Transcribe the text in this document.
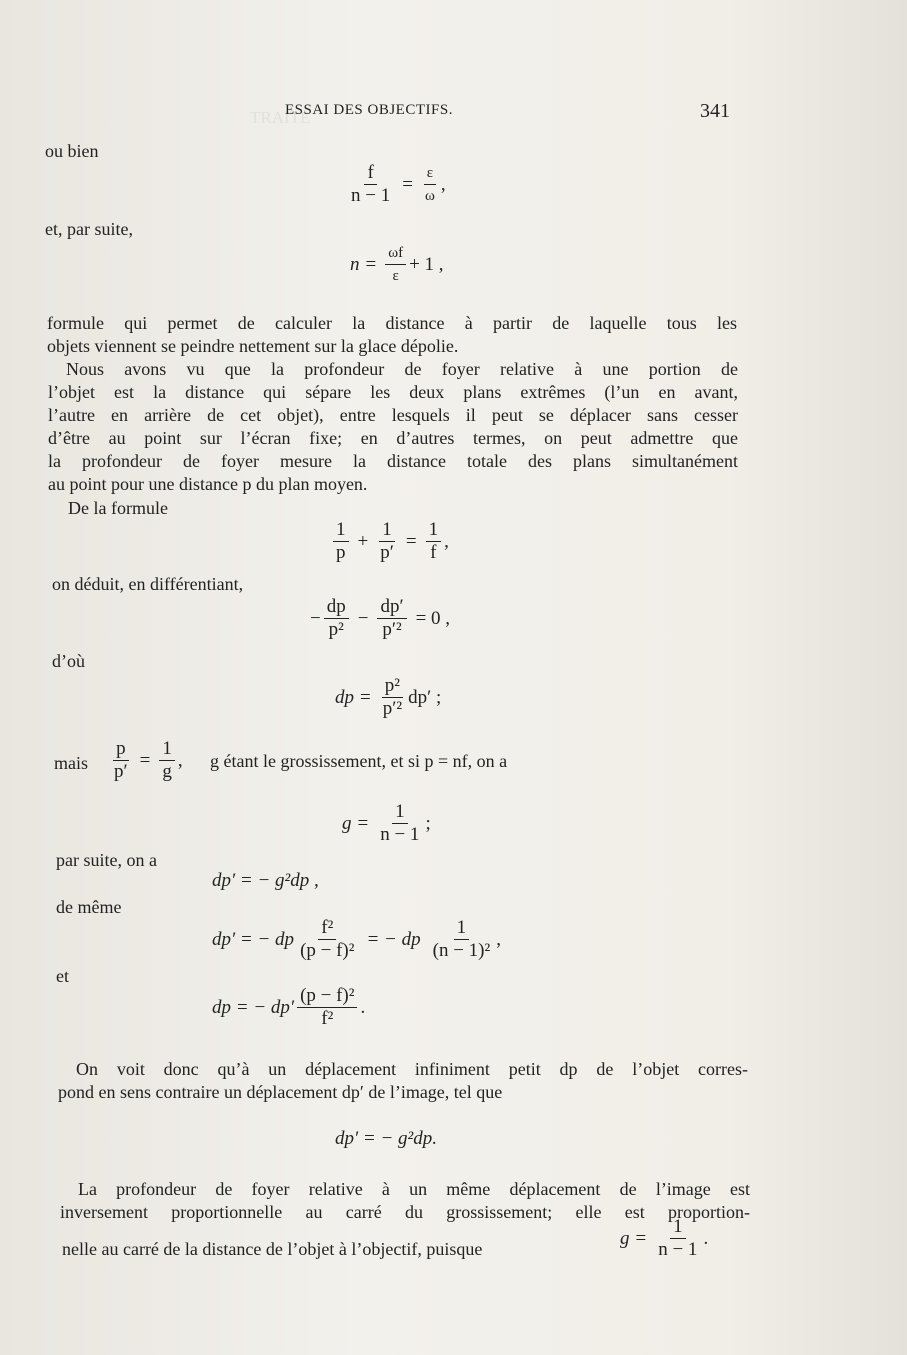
TRAITÉ
ESSAI DES OBJECTIFS.	341
ou bien
$\frac{f}{n - 1} = \frac{\varepsilon}{\omega}$ ,
et, par suite,
$n = \frac{\omega f}{\varepsilon} + 1$ ,
formule qui permet de calculer la distance à partir de laquelle tous les
objets viennent se peindre nettement sur la glace dépolie.
Nous avons vu que la profondeur de foyer relative à une portion de
l’objet est la distance qui sépare les deux plans extrêmes (l’un en avant,
l’autre en arrière de cet objet), entre lesquels il peut se déplacer sans cesser
d’être au point sur l’écran fixe; en d’autres termes, on peut admettre que
la profondeur de foyer mesure la distance totale des plans simultanément
au point pour une distance p du plan moyen.
De la formule
$\frac{1}{p} + \frac{1}{p'} = \frac{1}{f}$ ,
on déduit, en différentiant,
− $\frac{dp}{\text{p²}} - \frac{dp'}{\text{p′²}} = 0$ ,
d’où
dp = $\frac{\text{p²}}{\text{p′²}} dp'$ ;
mais $\frac{p}{p'} = \frac{1}{g}$ , g étant le grossissement, et si p = nf, on a
$g = \frac{1}{n - 1}$ ;
par suite, on a
dp′ = − g²dp ,
de même
dp′ = − dp $\frac{\text{f²}}{\text{(p − f)²}}$ = − dp $\frac{1}{\text{(n − 1)²}}$ ,
et
dp = − $dp' \frac{\text{(p − f)²}}{\text{f²}}$ .
On voit donc qu’à un déplacement infiniment petit dp de l’objet corres-
pond en sens contraire un déplacement dp′ de l’image, tel que
dp′ = − g²dp.
La profondeur de foyer relative à un même déplacement de l’image est
inversement proportionnelle au carré du grossissement; elle est proportion-
nelle au carré de la distance de l’objet à l’objectif, puisque
$g = \frac{1}{n - 1}$ .
